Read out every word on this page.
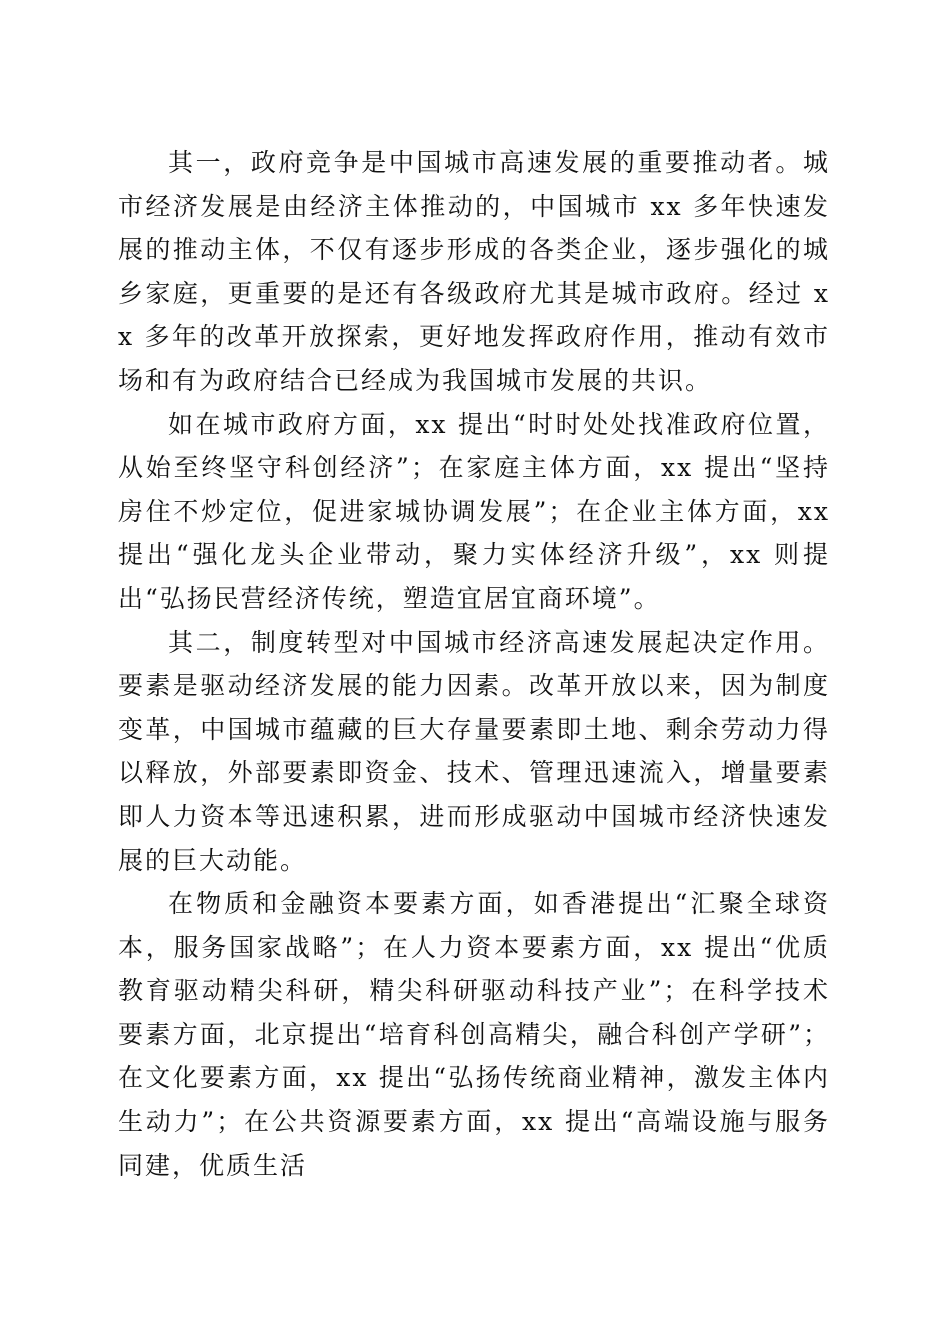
其一，政府竞争是中国城市高速发展的重要推动者。城市经济发展是由经济主体推动的，中国城市 xx 多年快速发展的推动主体，不仅有逐步形成的各类企业，逐步强化的城乡家庭，更重要的是还有各级政府尤其是城市政府。经过 xx 多年的改革开放探索，更好地发挥政府作用，推动有效市场和有为政府结合已经成为我国城市发展的共识。

如在城市政府方面，xx 提出“时时处处找准政府位置，从始至终坚守科创经济”；在家庭主体方面，xx 提出“坚持房住不炒定位，促进家城协调发展”；在企业主体方面，xx 提出“强化龙头企业带动，聚力实体经济升级”，xx 则提出“弘扬民营经济传统，塑造宜居宜商环境”。

其二，制度转型对中国城市经济高速发展起决定作用。要素是驱动经济发展的能力因素。改革开放以来，因为制度变革，中国城市蕴藏的巨大存量要素即土地、剩余劳动力得以释放，外部要素即资金、技术、管理迅速流入，增量要素即人力资本等迅速积累，进而形成驱动中国城市经济快速发展的巨大动能。

在物质和金融资本要素方面，如香港提出“汇聚全球资本，服务国家战略”；在人力资本要素方面，xx 提出“优质教育驱动精尖科研，精尖科研驱动科技产业”；在科学技术要素方面，北京提出“培育科创高精尖，融合科创产学研”；在文化要素方面，xx 提出“弘扬传统商业精神，激发主体内生动力”；在公共资源要素方面，xx 提出“高端设施与服务同建，优质生活
